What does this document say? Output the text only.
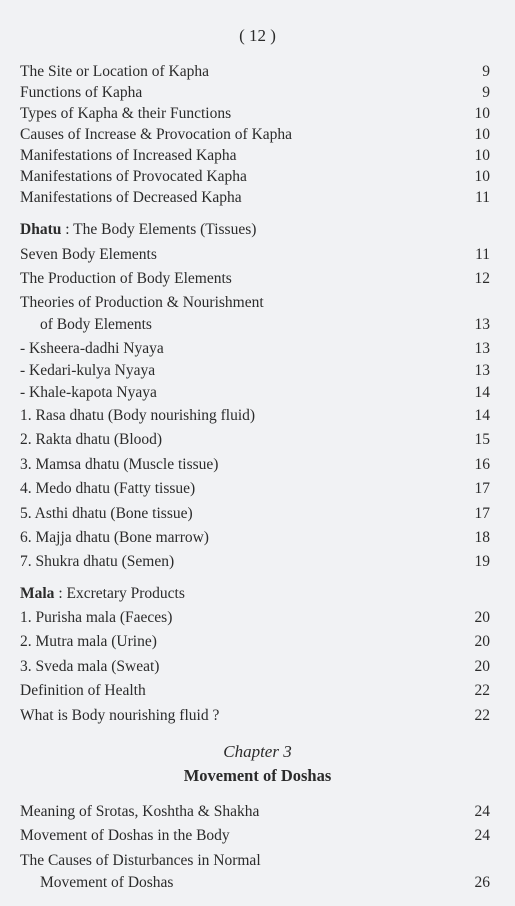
( 12 )
The Site or Location of Kapha	9
Functions of Kapha	9
Types of Kapha & their Functions	10
Causes of Increase & Provocation of Kapha	10
Manifestations of Increased Kapha	10
Manifestations of Provocated Kapha	10
Manifestations of Decreased Kapha	11
Dhatu : The Body Elements (Tissues)
Seven Body Elements	11
The Production of Body Elements	12
Theories of Production & Nourishment
of Body Elements	13
- Ksheera-dadhi Nyaya	13
- Kedari-kulya Nyaya	13
- Khale-kapota Nyaya	14
1. Rasa dhatu (Body nourishing fluid)	14
2. Rakta dhatu (Blood)	15
3. Mamsa dhatu (Muscle tissue)	16
4. Medo dhatu (Fatty tissue)	17
5. Asthi dhatu (Bone tissue)	17
6. Majja dhatu (Bone marrow)	18
7. Shukra dhatu (Semen)	19
Mala : Excretary Products
1. Purisha mala (Faeces)	20
2. Mutra mala (Urine)	20
3. Sveda mala (Sweat)	20
Definition of Health	22
What is Body nourishing fluid ?	22
Chapter 3
Movement of Doshas
Meaning of Srotas, Koshtha & Shakha	24
Movement of Doshas in the Body	24
The Causes of Disturbances in Normal
Movement of Doshas	26
